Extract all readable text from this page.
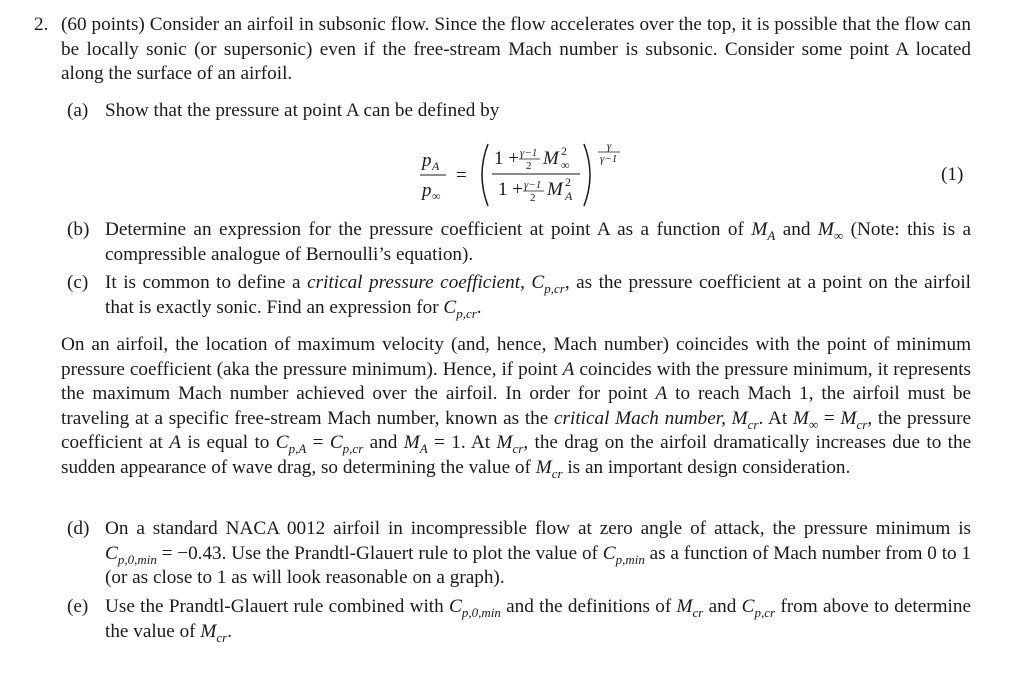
2. (60 points) Consider an airfoil in subsonic flow. Since the flow accelerates over the top, it is possible that the flow can be locally sonic (or supersonic) even if the free-stream Mach number is subsonic. Consider some point A located along the surface of an airfoil.
(a) Show that the pressure at point A can be defined by
p A
p ∞
=
1 + γ−1
2 M 2
∞
1 + γ−1
2 M 2
A
γ
γ−1
(1)
(b) Determine an expression for the pressure coefficient at point A as a function of $M_A$ and $M_\infty$ (Note: this is a compressible analogue of Bernoulli’s equation).
(c) It is common to define a critical pressure coefficient, $C_{p,cr}$, as the pressure coefficient at a point on the airfoil that is exactly sonic. Find an expression for $C_{p,cr}$.
On an airfoil, the location of maximum velocity (and, hence, Mach number) coincides with the point of minimum pressure coefficient (aka the pressure minimum). Hence, if point A coincides with the pressure minimum, it represents the maximum Mach number achieved over the airfoil. In order for point A to reach Mach 1, the airfoil must be traveling at a specific free-stream Mach number, known as the critical Mach number, $M_{cr}$. At $M_\infty = M_{cr}$, the pressure coefficient at A is equal to $C_{p,A} = C_{p,cr}$ and $M_A = 1$. At $M_{cr}$, the drag on the airfoil dramatically increases due to the sudden appearance of wave drag, so determining the value of $M_{cr}$ is an important design consideration.
(d) On a standard NACA 0012 airfoil in incompressible flow at zero angle of attack, the pressure minimum is $C_{p,0,min} = -0.43$. Use the Prandtl-Glauert rule to plot the value of $C_{p,min}$ as a function of Mach number from 0 to 1 (or as close to 1 as will look reasonable on a graph).
(e) Use the Prandtl-Glauert rule combined with $C_{p,0,min}$ and the definitions of $M_{cr}$ and $C_{p,cr}$ from above to determine the value of $M_{cr}$.
